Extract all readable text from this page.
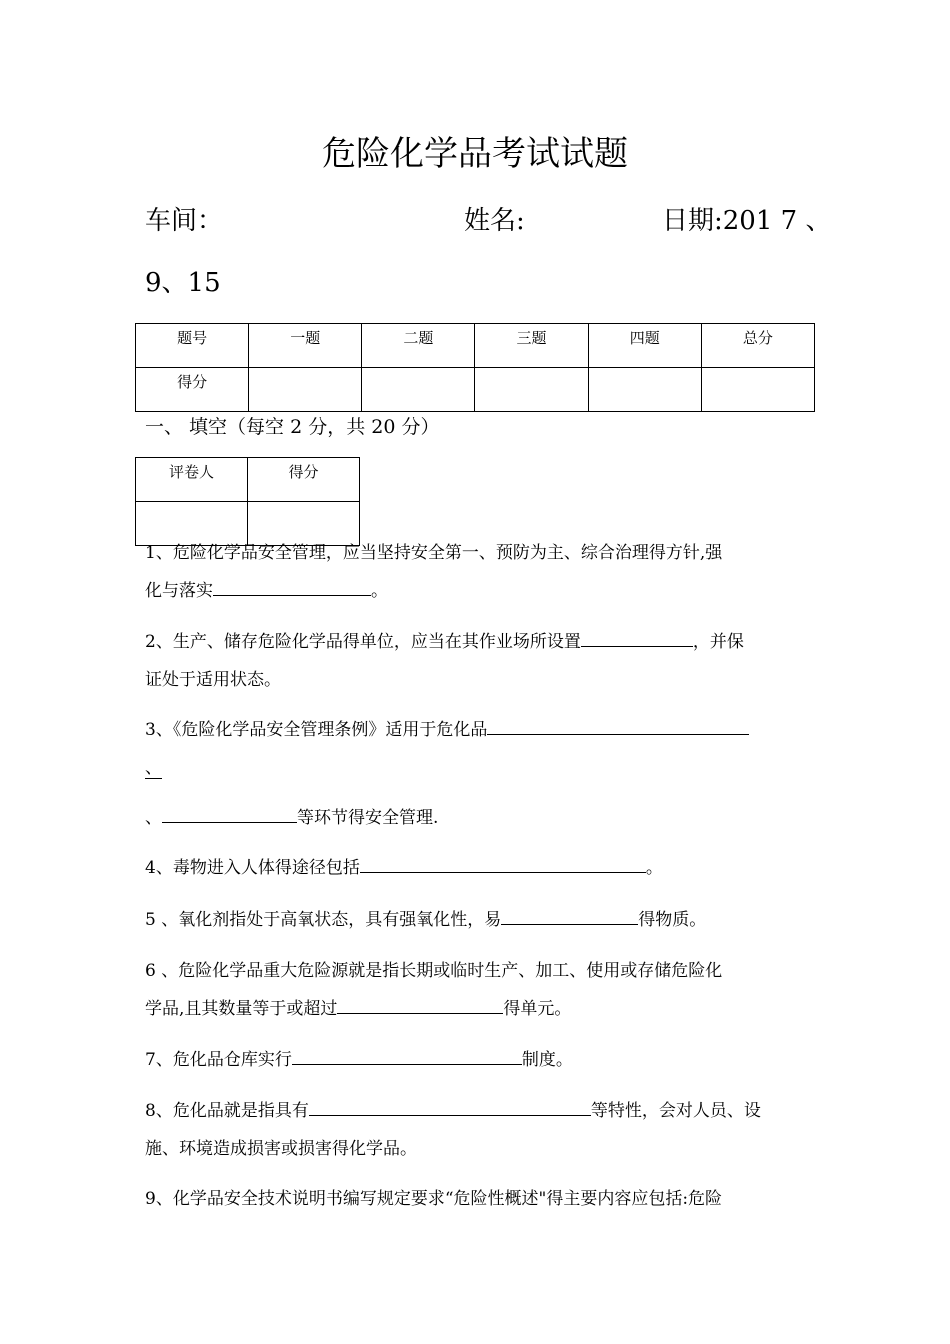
危险化学品考试试题
车间：	姓名:	日期:201 7 、
9、15
题号	一题	二题	三题	四题	总分
得分					
一、 填空（每空 2 分，共 20 分）
评卷人	得分

1、危险化学品安全管理，应当坚持安全第一、预防为主、综合治理得方针,强
化与落实	。
2、生产、储存危险化学品得单位，应当在其作业场所设置	，并保
证处于适用状态。
3、《危险化学品安全管理条例》适用于危化品
、
、	等环节得安全管理.
4、毒物进入人体得途径包括	。
5 、氧化剂指处于高氧状态，具有强氧化性，易	得物质。
6 、危险化学品重大危险源就是指长期或临时生产、加工、使用或存储危险化
学品,且其数量等于或超过	得单元。
7、危化品仓库实行	制度。
8、危化品就是指具有	等特性，会对人员、设
施、环境造成损害或损害得化学品。
9、化学品安全技术说明书编写规定要求“危险性概述"得主要内容应包括:危险
